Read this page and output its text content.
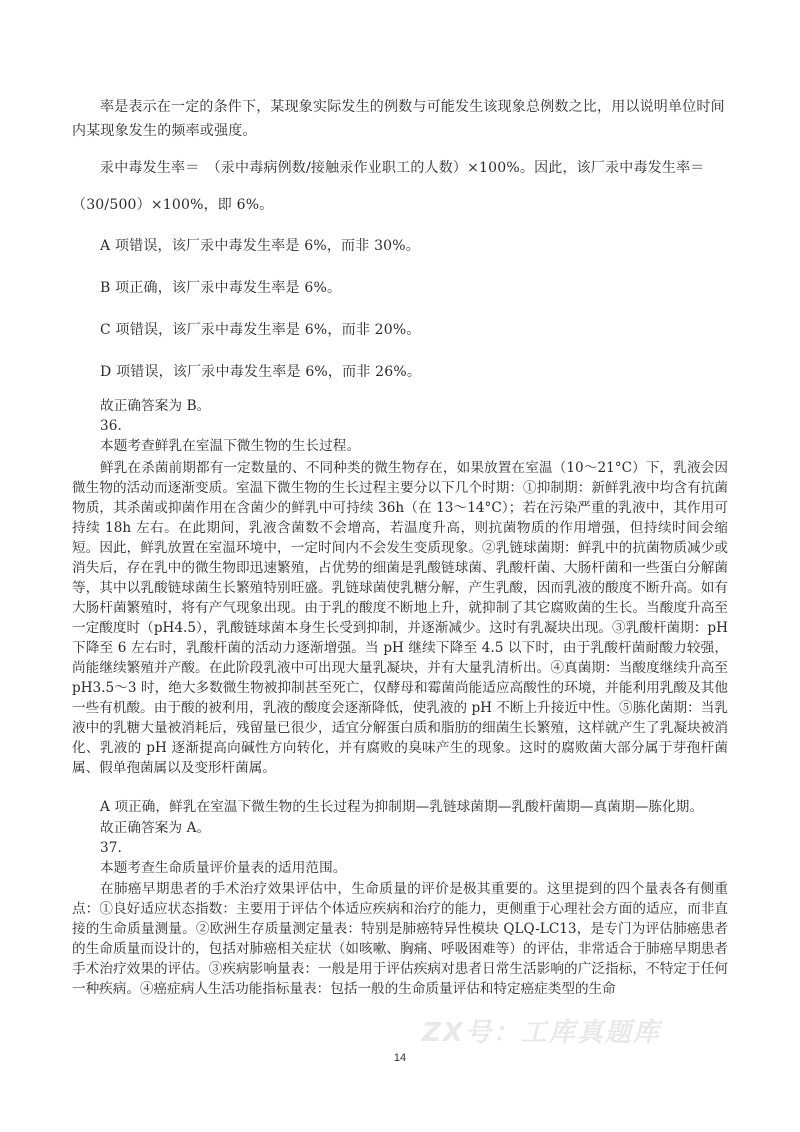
率是表示在一定的条件下，某现象实际发生的例数与可能发生该现象总例数之比，用以说明单位时间
内某现象发生的频率或强度。
汞中毒发生率＝　（汞中毒病例数/接触汞作业职工的人数）×100%。因此，该厂汞中毒发生率＝
（30/500）×100%，即 6%。
A 项错误，该厂汞中毒发生率是 6%，而非 30%。
B 项正确，该厂汞中毒发生率是 6%。
C 项错误，该厂汞中毒发生率是 6%，而非 20%。
D 项错误，该厂汞中毒发生率是 6%，而非 26%。
故正确答案为 B。
36.
本题考查鲜乳在室温下微生物的生长过程。
鲜乳在杀菌前期都有一定数量的、不同种类的微生物存在，如果放置在室温（10～21°C）下，乳液会因微生物的活动而逐渐变质。室温下微生物的生长过程主要分以下几个时期：①抑制期：新鲜乳液中均含有抗菌物质，其杀菌或抑菌作用在含菌少的鲜乳中可持续 36h（在 13～14°C）；若在污染严重的乳液中，其作用可持续 18h 左右。在此期间，乳液含菌数不会增高，若温度升高，则抗菌物质的作用增强，但持续时间会缩短。因此，鲜乳放置在室温环境中，一定时间内不会发生变质现象。②乳链球菌期：鲜乳中的抗菌物质减少或消失后，存在乳中的微生物即迅速繁殖，占优势的细菌是乳酸链球菌、乳酸杆菌、大肠杆菌和一些蛋白分解菌等，其中以乳酸链球菌生长繁殖特别旺盛。乳链球菌使乳糖分解，产生乳酸，因而乳液的酸度不断升高。如有大肠杆菌繁殖时，将有产气现象出现。由于乳的酸度不断地上升，就抑制了其它腐败菌的生长。当酸度升高至一定酸度时（pH4.5），乳酸链球菌本身生长受到抑制，并逐渐减少。这时有乳凝块出现。③乳酸杆菌期：pH 下降至 6 左右时，乳酸杆菌的活动力逐渐增强。当 pH 继续下降至 4.5 以下时，由于乳酸杆菌耐酸力较强，尚能继续繁殖并产酸。在此阶段乳液中可出现大量乳凝块，并有大量乳清析出。④真菌期：当酸度继续升高至 pH3.5～3 时，绝大多数微生物被抑制甚至死亡，仅酵母和霉菌尚能适应高酸性的环境，并能利用乳酸及其他一些有机酸。由于酸的被利用，乳液的酸度会逐渐降低，使乳液的 pH 不断上升接近中性。⑤胨化菌期：当乳液中的乳糖大量被消耗后，残留量已很少，适宜分解蛋白质和脂肪的细菌生长繁殖，这样就产生了乳凝块被消化、乳液的 pH 逐渐提高向碱性方向转化，并有腐败的臭味产生的现象。这时的腐败菌大部分属于芽孢杆菌属、假单孢菌属以及变形杆菌属。
A 项正确，鲜乳在室温下微生物的生长过程为抑制期—乳链球菌期—乳酸杆菌期—真菌期—胨化期。
故正确答案为 A。
37.
本题考查生命质量评价量表的适用范围。
在肺癌早期患者的手术治疗效果评估中，生命质量的评价是极其重要的。这里提到的四个量表各有侧重点：①良好适应状态指数：主要用于评估个体适应疾病和治疗的能力，更侧重于心理社会方面的适应，而非直接的生命质量测量。②欧洲生存质量测定量表：特别是肺癌特异性模块 QLQ-LC13，是专门为评估肺癌患者的生命质量而设计的，包括对肺癌相关症状（如咳嗽、胸痛、呼吸困难等）的评估，非常适合于肺癌早期患者手术治疗效果的评估。③疾病影响量表：一般是用于评估疾病对患者日常生活影响的广泛指标，不特定于任何一种疾病。④癌症病人生活功能指标量表：包括一般的生命质量评估和特定癌症类型的生命
ZX号：工库真题库
14
